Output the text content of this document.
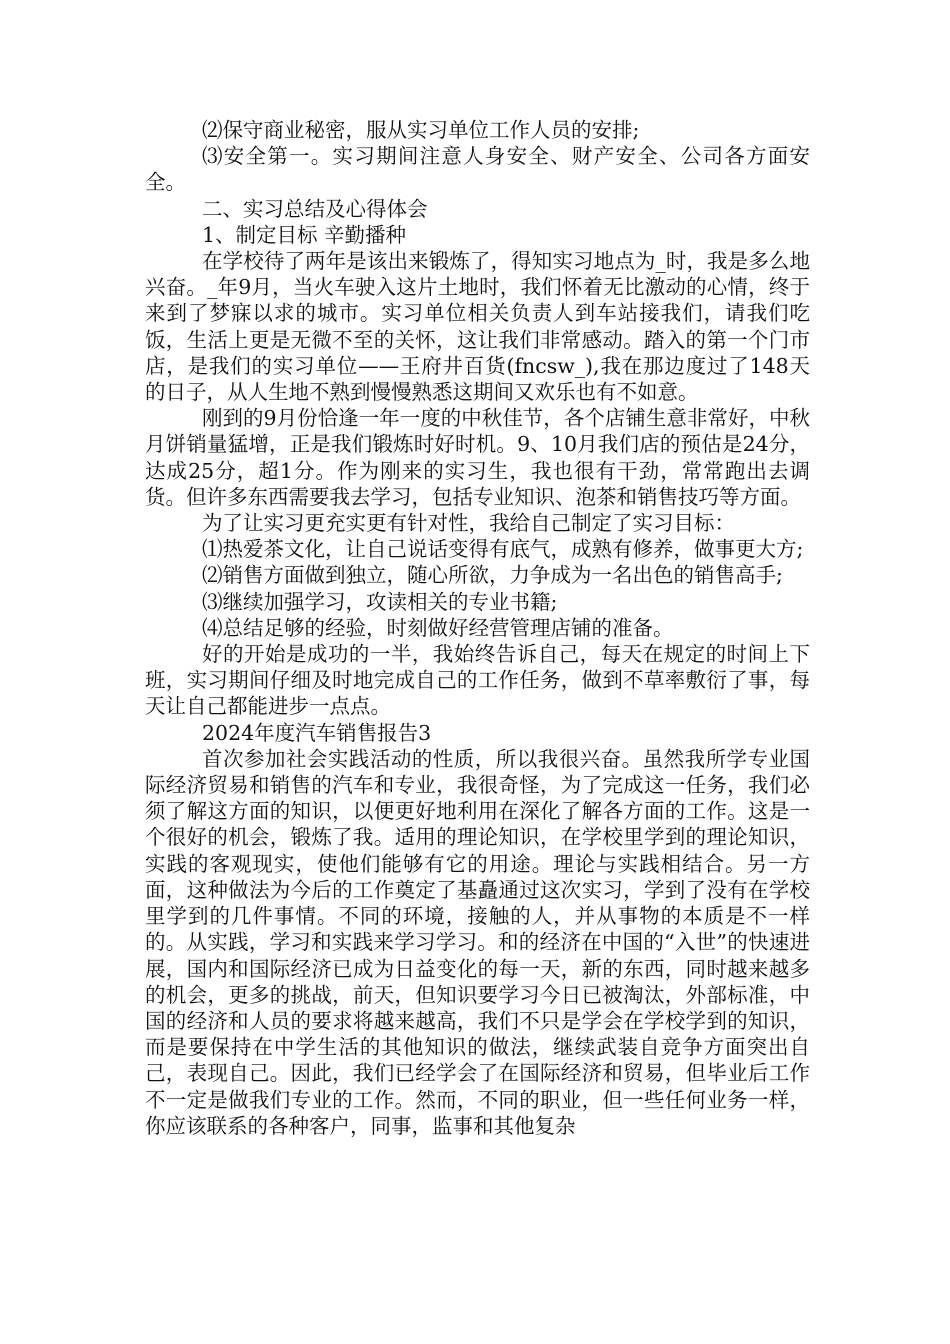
⑵保守商业秘密，服从实习单位工作人员的安排;

⑶安全第一。实习期间注意人身安全、财产安全、公司各方面安全。

二、实习总结及心得体会

1、制定目标 辛勤播种

在学校待了两年是该出来锻炼了，得知实习地点为_时，我是多么地兴奋。_年9月，当火车驶入这片土地时，我们怀着无比激动的心情，终于来到了梦寐以求的城市。实习单位相关负责人到车站接我们，请我们吃饭，生活上更是无微不至的关怀，这让我们非常感动。踏入的第一个门市店，是我们的实习单位——王府井百货(fncsw_),我在那边度过了148天的日子，从人生地不熟到慢慢熟悉这期间又欢乐也有不如意。

刚到的9月份恰逢一年一度的中秋佳节，各个店铺生意非常好，中秋月饼销量猛增，正是我们锻炼时好时机。9、10月我们店的预估是24分，达成25分，超1分。作为刚来的实习生，我也很有干劲，常常跑出去调货。但许多东西需要我去学习，包括专业知识、泡茶和销售技巧等方面。

为了让实习更充实更有针对性，我给自己制定了实习目标：

⑴热爱茶文化，让自己说话变得有底气，成熟有修养，做事更大方;

⑵销售方面做到独立，随心所欲，力争成为一名出色的销售高手;

⑶继续加强学习，攻读相关的专业书籍;

⑷总结足够的经验，时刻做好经营管理店铺的准备。

好的开始是成功的一半，我始终告诉自己，每天在规定的时间上下班，实习期间仔细及时地完成自己的工作任务，做到不草率敷衍了事，每天让自己都能进步一点点。

2024年度汽车销售报告3

首次参加社会实践活动的性质，所以我很兴奋。虽然我所学专业国际经济贸易和销售的汽车和专业，我很奇怪，为了完成这一任务，我们必须了解这方面的知识，以便更好地利用在深化了解各方面的工作。这是一个很好的机会，锻炼了我。适用的理论知识，在学校里学到的理论知识，实践的客观现实，使他们能够有它的用途。理论与实践相结合。另一方面，这种做法为今后的工作奠定了基矗通过这次实习，学到了没有在学校里学到的几件事情。不同的环境，接触的人，并从事物的本质是不一样的。从实践，学习和实践来学习学习。和的经济在中国的“入世”的快速进展，国内和国际经济已成为日益变化的每一天，新的东西，同时越来越多的机会，更多的挑战，前天，但知识要学习今日已被淘汰，外部标准，中国的经济和人员的要求将越来越高，我们不只是学会在学校学到的知识，而是要保持在中学生活的其他知识的做法，继续武装自竞争方面突出自己，表现自己。因此，我们已经学会了在国际经济和贸易，但毕业后工作不一定是做我们专业的工作。然而，不同的职业，但一些任何业务一样，你应该联系的各种客户，同事，监事和其他复杂
